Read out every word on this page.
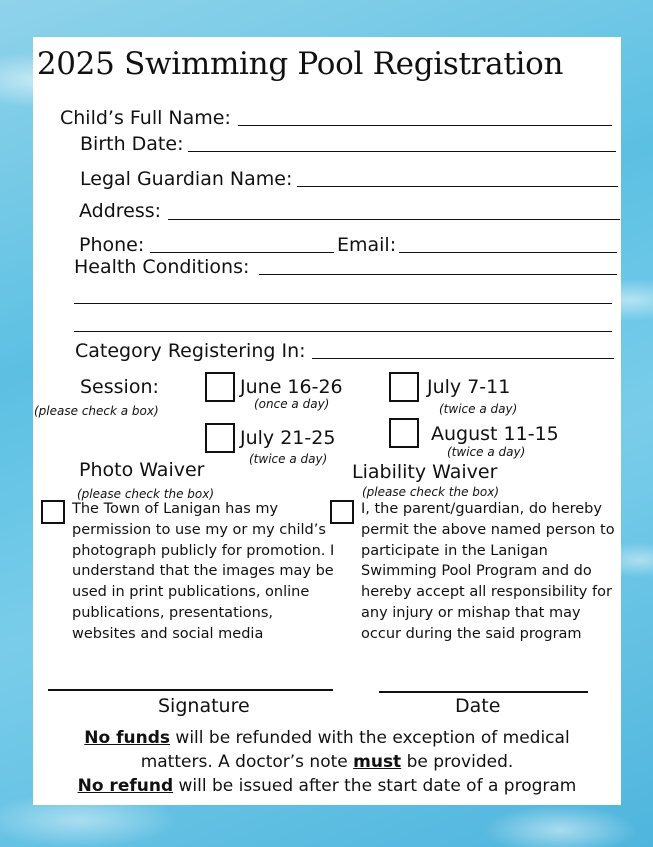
2025 Swimming Pool Registration
Child’s Full Name:
Birth Date:
Legal Guardian Name:
Address:
Phone:	Email:
Health Conditions:
Category Registering In:
Session:
(please check a box)
June 16-26
(once a day)
July 7-11
(twice a day)
July 21-25
(twice a day)
August 11-15
(twice a day)
Photo Waiver
(please check the box)
The Town of Lanigan has my permission to use my or my child’s photograph publicly for promotion. I understand that the images may be used in print publications, online publications, presentations, websites and social media
Liability Waiver
(please check the box)
I, the parent/guardian, do hereby permit the above named person to participate in the Lanigan Swimming Pool Program and do hereby accept all responsibility for any injury or mishap that may occur during the said program
Signature	Date
No funds will be refunded with the exception of medical
matters. A doctor’s note must be provided.
No refund will be issued after the start date of a program
